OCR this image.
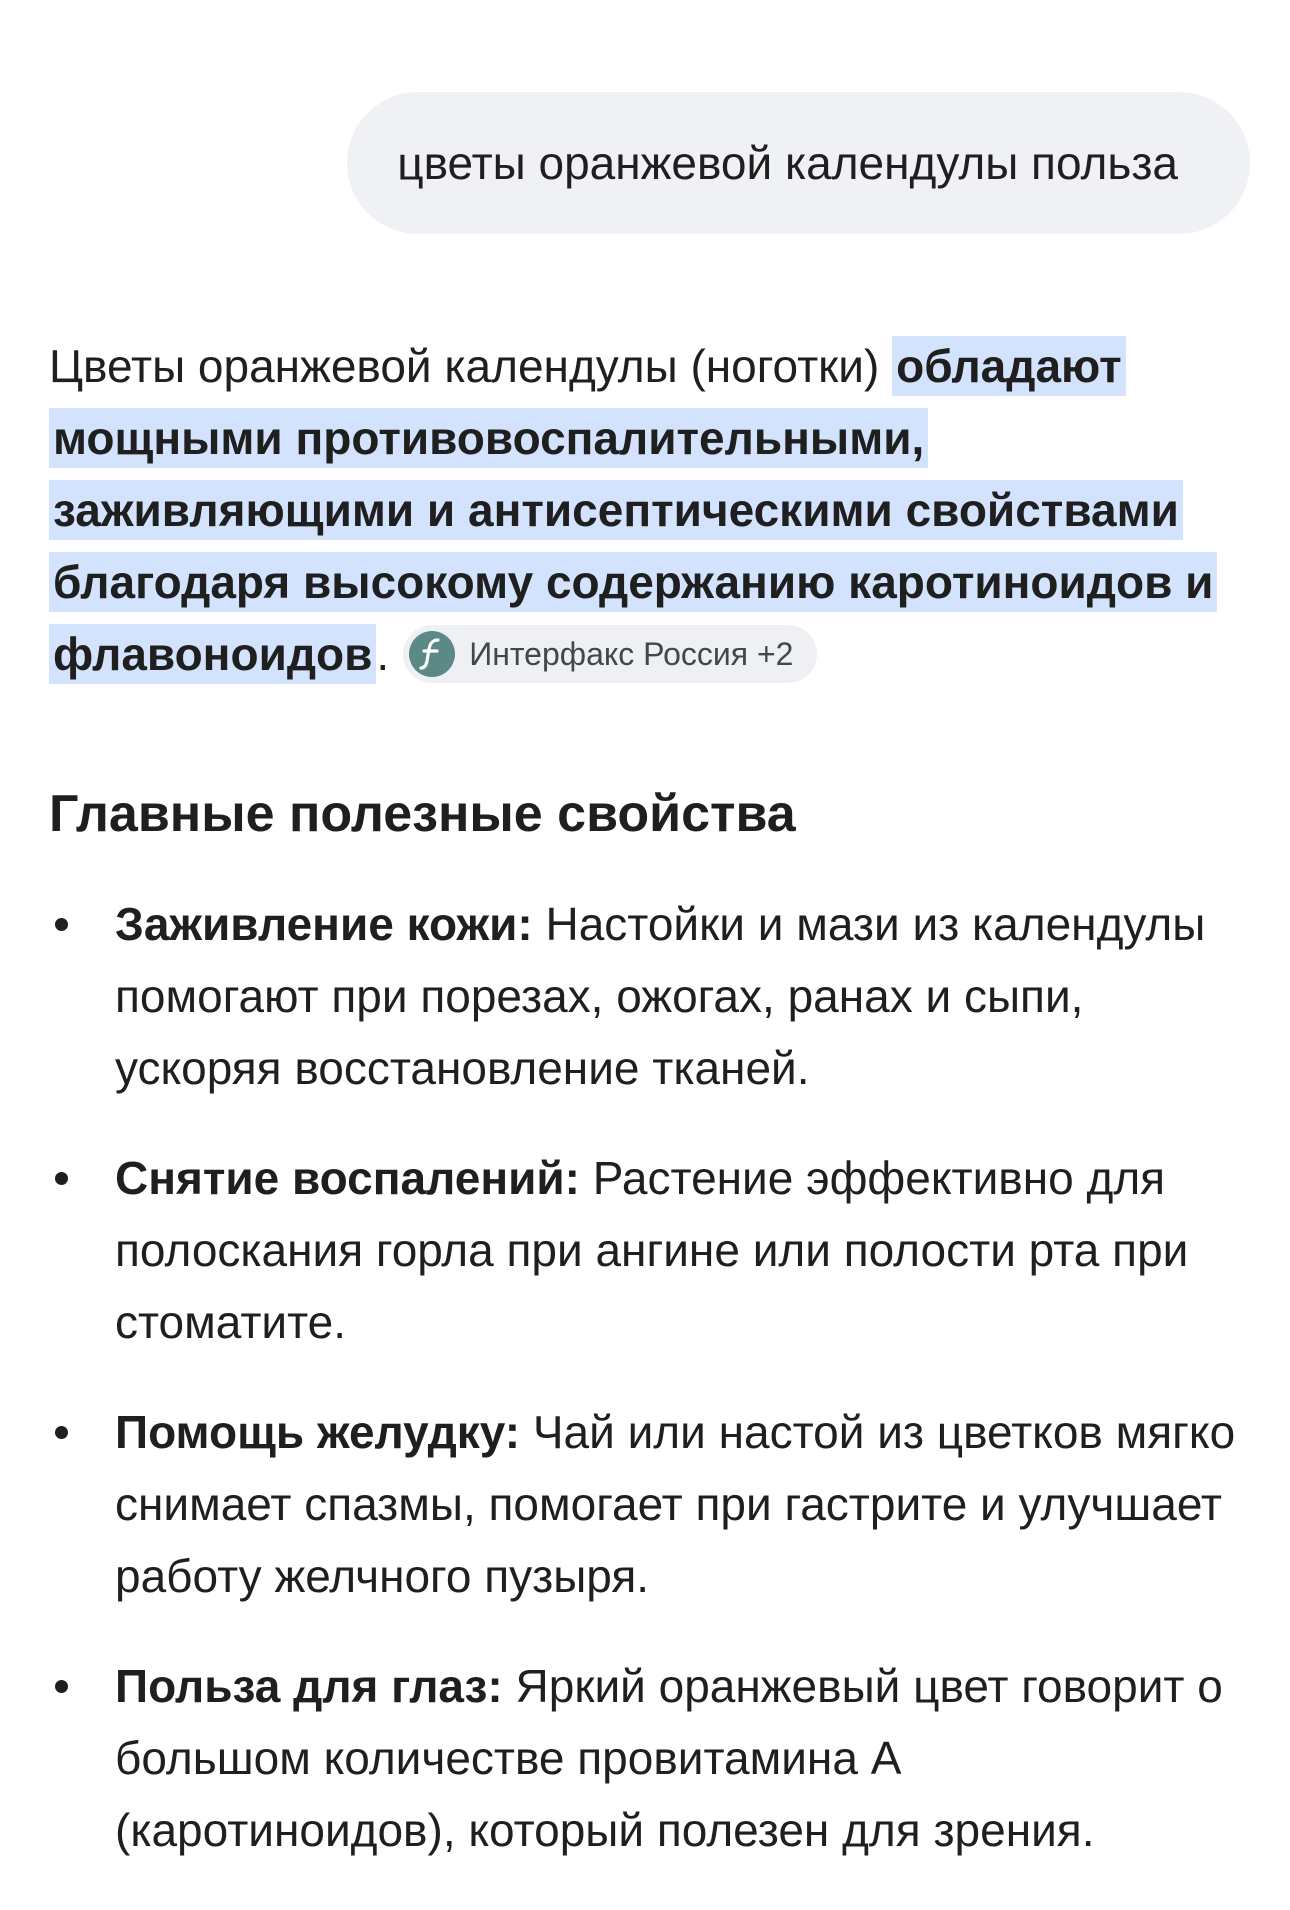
цветы оранжевой календулы польза

Цветы оранжевой календулы (ноготки) обладают мощными противовоспалительными, заживляющими и антисептическими свойствами благодаря высокому содержанию каротиноидов и флавоноидов.	Интерфакс Россия +2

Главные полезные свойства
Заживление кожи: Настойки и мази из календулы помогают при порезах, ожогах, ранах и сыпи, ускоряя восстановление тканей.
Снятие воспалений: Растение эффективно для полоскания горла при ангине или полости рта при стоматите.
Помощь желудку: Чай или настой из цветков мягко снимает спазмы, помогает при гастрите и улучшает работу желчного пузыря.
Польза для глаз: Яркий оранжевый цвет говорит о большом количестве провитамина А (каротиноидов), который полезен для зрения.
